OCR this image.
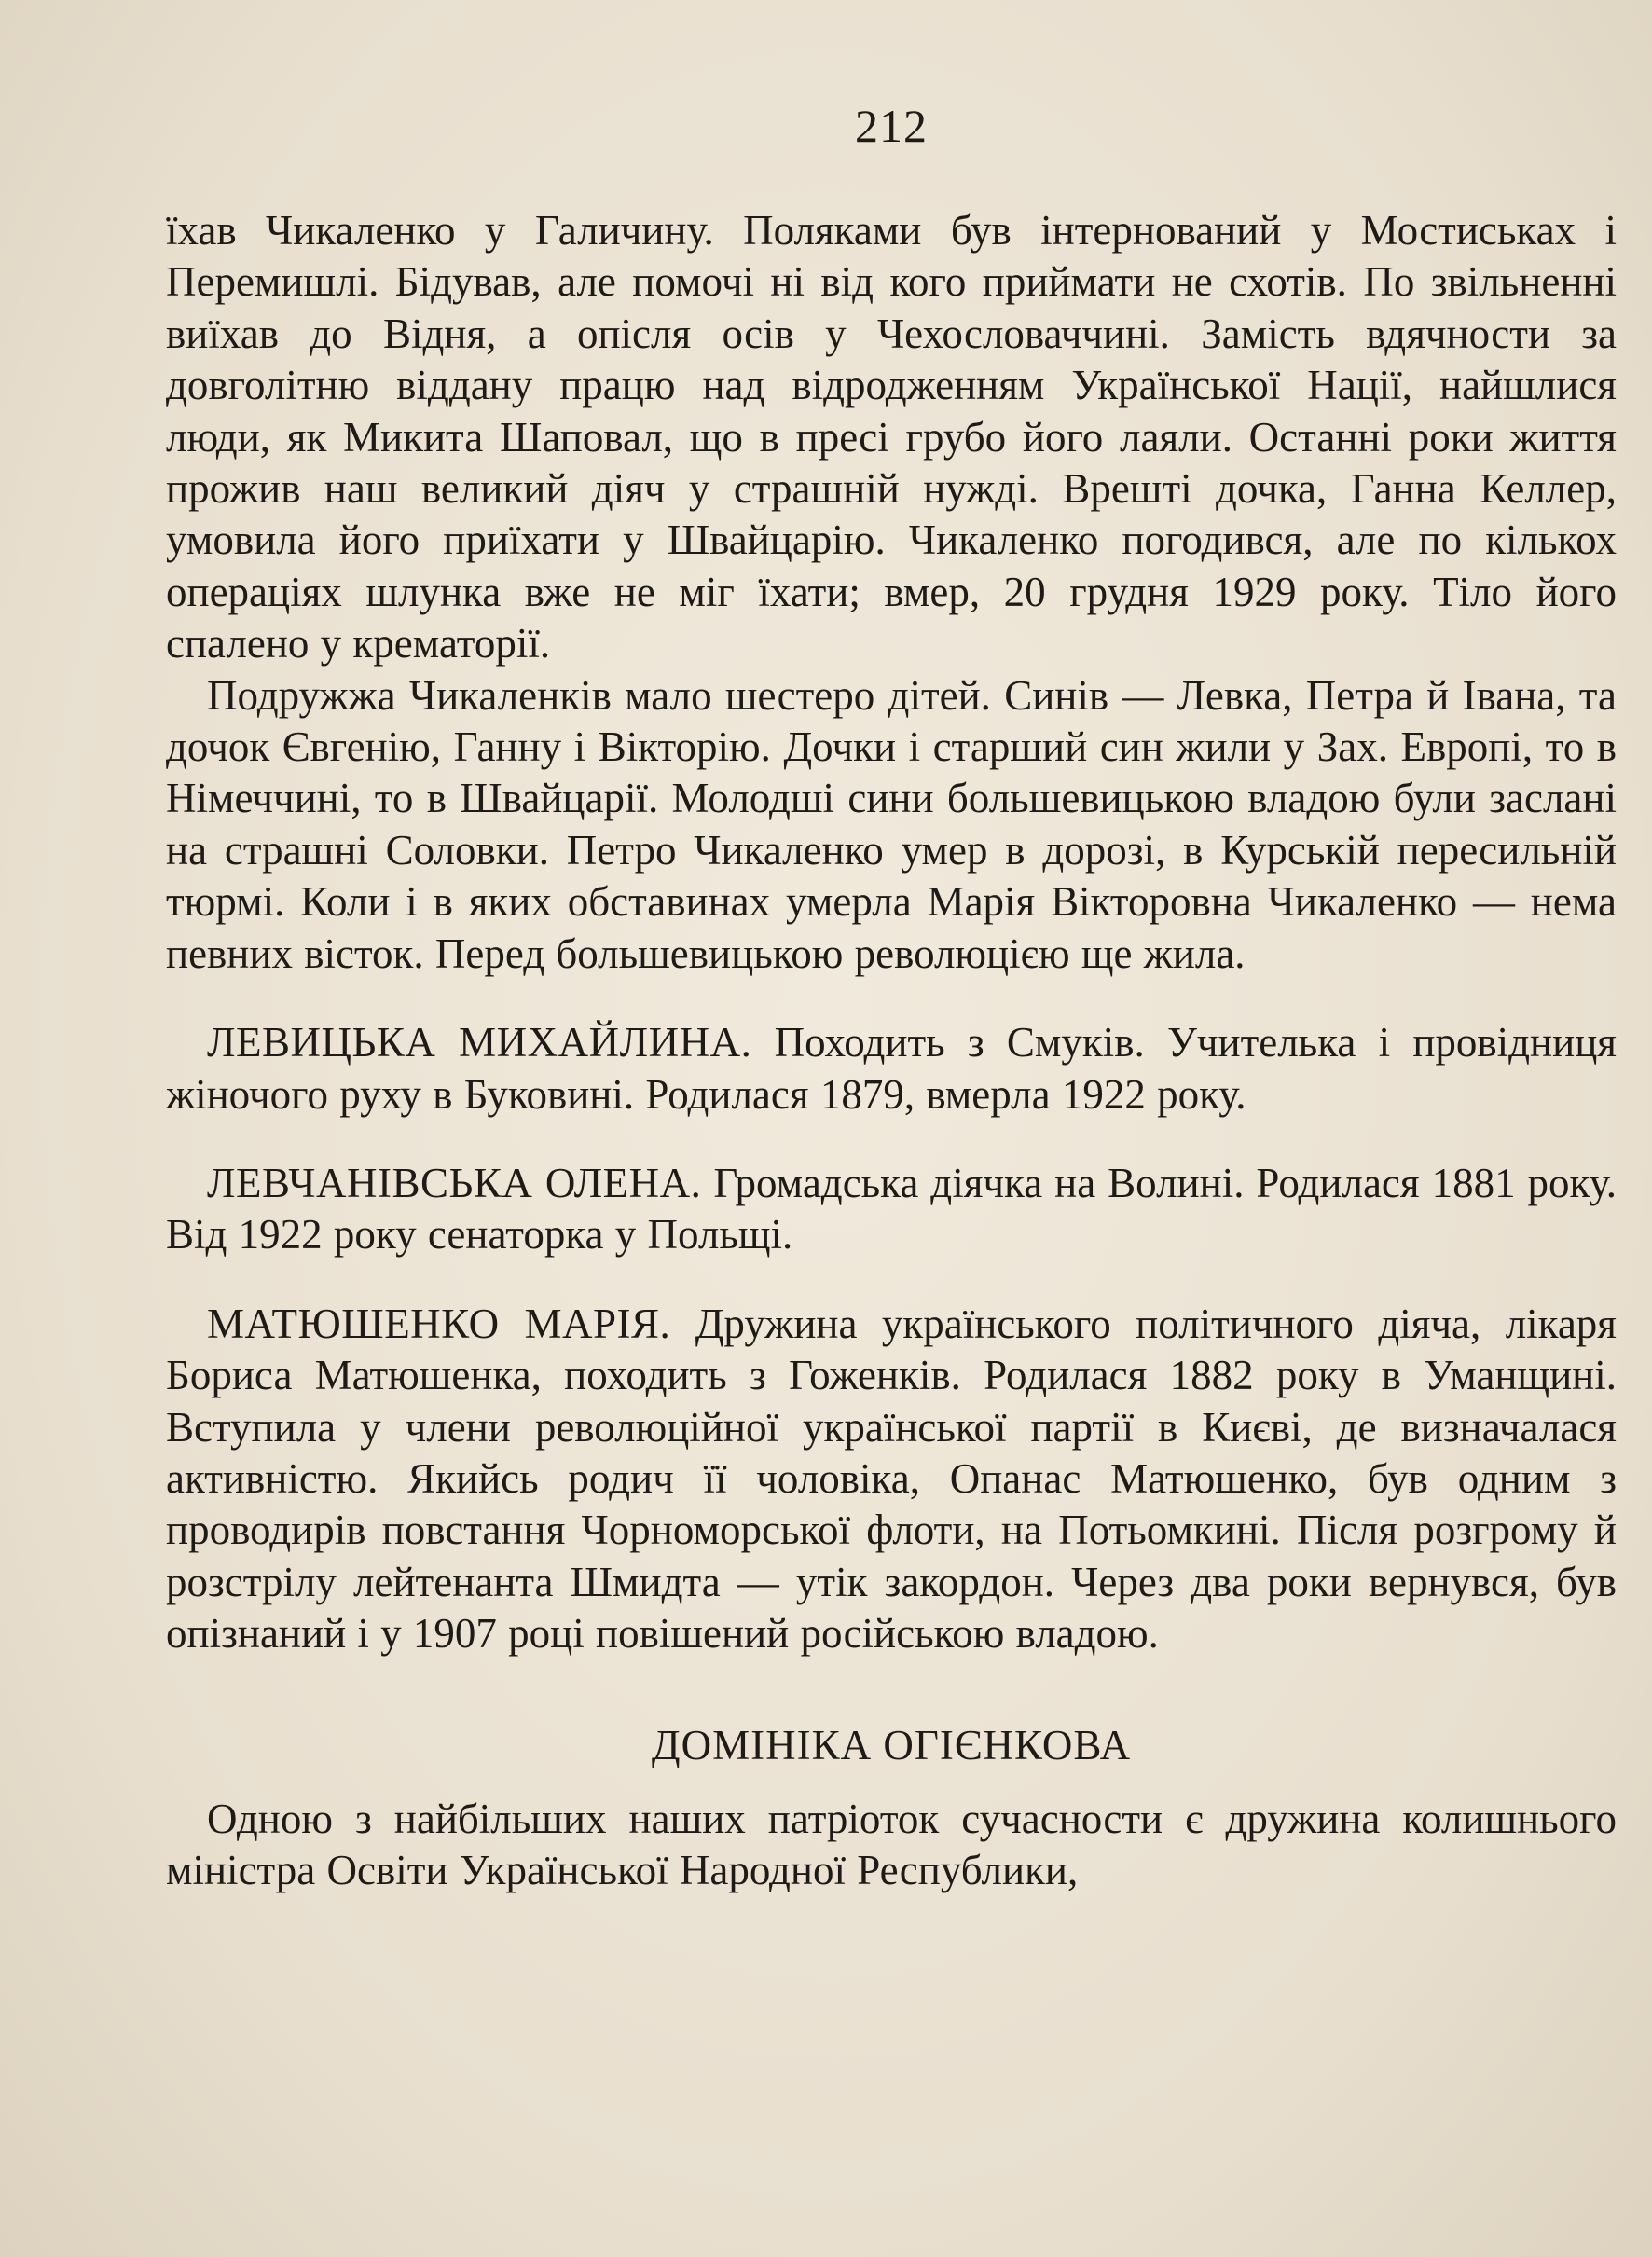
212

їхав Чикаленко у Галичину. Поляками був інтернований у Мостиськах і Перемишлі. Бідував, але помочі ні від кого приймати не схотів. По звільненні виїхав до Відня, а опісля осів у Чехословаччині. Замість вдячности за довголітню віддану працю над відродженням Української Нації, найшлися люди, як Микита Шаповал, що в пресі грубо його лаяли. Останні роки життя прожив наш великий діяч у страшній нужді. Врешті дочка, Ганна Келлер, умовила його приїхати у Швайцарію. Чикаленко погодився, але по кількох операціях шлунка вже не міг їхати; вмер, 20 грудня 1929 року. Тіло його спалено у крематорії.

Подружжа Чикаленків мало шестеро дітей. Синів — Левка, Петра й Івана, та дочок Євгенію, Ганну і Вікторію. Дочки і старший син жили у Зах. Европі, то в Німеччині, то в Швайцарії. Молодші сини большевицькою владою були заслані на страшні Соловки. Петро Чикаленко умер в дорозі, в Курській пересильній тюрмі. Коли і в яких обставинах умерла Марія Вікторовна Чикаленко — нема певних вісток. Перед большевицькою революцією ще жила.

ЛЕВИЦЬКА МИХАЙЛИНА. Походить з Смуків. Учителька і провідниця жіночого руху в Буковині. Родилася 1879, вмерла 1922 року.

ЛЕВЧАНІВСЬКА ОЛЕНА. Громадська діячка на Волині. Родилася 1881 року. Від 1922 року сенаторка у Польщі.

МАТЮШЕНКО МАРІЯ. Дружина українського політичного діяча, лікаря Бориса Матюшенка, походить з Гоженків. Родилася 1882 року в Уманщині. Вступила у члени революційної української партії в Києві, де визначалася активністю. Якийсь родич її чоловіка, Опанас Матюшенко, був одним з проводирів повстання Чорноморської флоти, на Потьомкині. Після розгрому й розстрілу лейтенанта Шмидта — утік закордон. Через два роки вернувся, був опізнаний і у 1907 році повішений російською владою.

ДОМІНІКА ОГІЄНКОВА

Одною з найбільших наших патріоток сучасности є дружина колишнього міністра Освіти Української Народної Республики,
